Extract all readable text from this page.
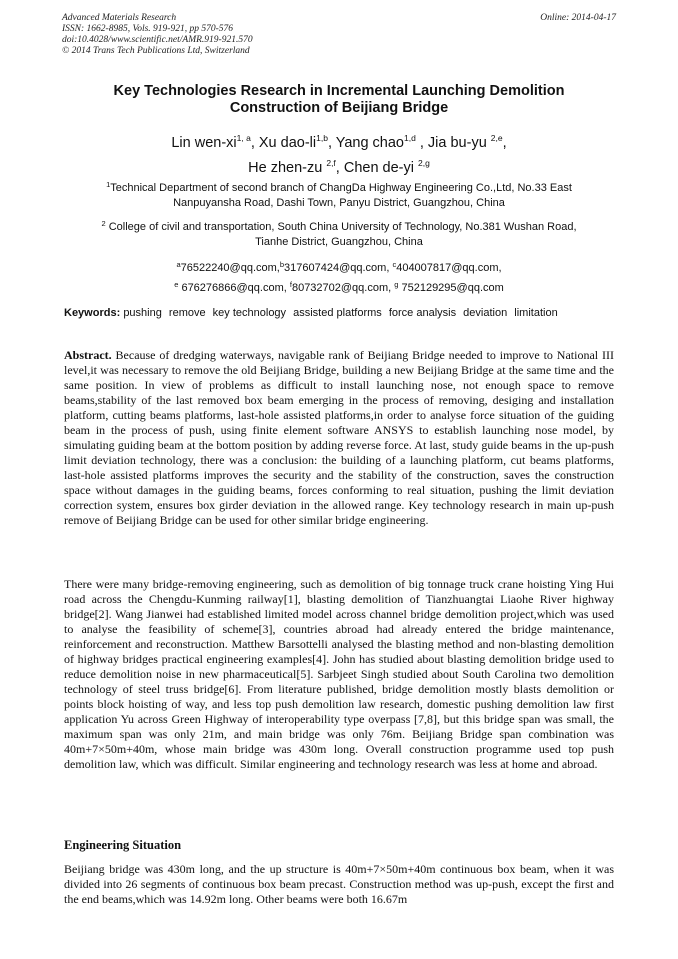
Advanced Materials Research
ISSN: 1662-8985, Vols. 919-921, pp 570-576
doi:10.4028/www.scientific.net/AMR.919-921.570
© 2014 Trans Tech Publications Ltd, Switzerland
Online: 2014-04-17
Key Technologies Research in Incremental Launching Demolition
Construction of Beijiang Bridge
Lin wen-xi$^{1, a}$, Xu dao-li$^{1,b}$, Yang chao$^{1,d}$ , Jia bu-yu $^{2,e}$,
He zhen-zu $^{2,f}$, Chen de-yi $^{2,g}$
$^1$Technical Department of second branch of ChangDa Highway Engineering Co.,Ltd, No.33 East
Nanpuyansha Road, Dashi Town, Panyu District, Guangzhou, China
$^2$ College of civil and transportation, South China University of Technology, No.381 Wushan Road,
Tianhe District, Guangzhou, China
$^a$76522240@qq.com,$^b$317607424@qq.com, $^c$404007817@qq.com,
$^e$ 676276866@qq.com, $^f$80732702@qq.com, $^g$ 752129295@qq.com
Keywords: pushing remove key technology assisted platforms force analysis deviation limitation
Abstract. Because of dredging waterways, navigable rank of Beijiang Bridge needed to improve to National III level,it was necessary to remove the old Beijiang Bridge, building a new Beijiang Bridge at the same time and the same position. In view of problems as difficult to install launching nose, not enough space to remove beams,stability of the last removed box beam emerging in the process of removing, desiging and installation platform, cutting beams platforms, last-hole assisted platforms,in order to analyse force situation of the guiding beam in the process of push, using finite element software ANSYS to establish launching nose model, by simulating guiding beam at the bottom position by adding reverse force. At last, study guide beams in the up-push limit deviation technology, there was a conclusion: the building of a launching platform, cut beams platforms, last-hole assisted platforms improves the security and the stability of the construction, saves the construction space without damages in the guiding beams, forces conforming to real situation, pushing the limit deviation correction system, ensures box girder deviation in the allowed range. Key technology research in main up-push remove of Beijiang Bridge can be used for other similar bridge engineering.
There were many bridge-removing engineering, such as demolition of big tonnage truck crane hoisting Ying Hui road across the Chengdu-Kunming railway[1], blasting demolition of Tianzhuangtai Liaohe River highway bridge[2]. Wang Jianwei had established limited model across channel bridge demolition project,which was used to analyse the feasibility of scheme[3], countries abroad had already entered the bridge maintenance, reinforcement and reconstruction. Matthew Barsottelli analysed the blasting method and non-blasting demolition of highway bridges practical engineering examples[4]. John has studied about blasting demolition bridge used to reduce demolition noise in new pharmaceutical[5]. Sarbjeet Singh studied about South Carolina two demolition technology of steel truss bridge[6]. From literature published, bridge demolition mostly blasts demolition or points block hoisting of way, and less top push demolition law research, domestic pushing demolition law first application Yu across Green Highway of interoperability type overpass [7,8], but this bridge span was small, the maximum span was only 21m, and main bridge was only 76m. Beijiang Bridge span combination was 40m+7×50m+40m, whose main bridge was 430m long. Overall construction programme used top push demolition law, which was difficult. Similar engineering and technology research was less at home and abroad.
Engineering Situation
Beijiang bridge was 430m long, and the up structure is 40m+7×50m+40m continuous box beam, when it was divided into 26 segments of continuous box beam precast. Construction method was up-push, except the first and the end beams,which was 14.92m long. Other beams were both 16.67m
